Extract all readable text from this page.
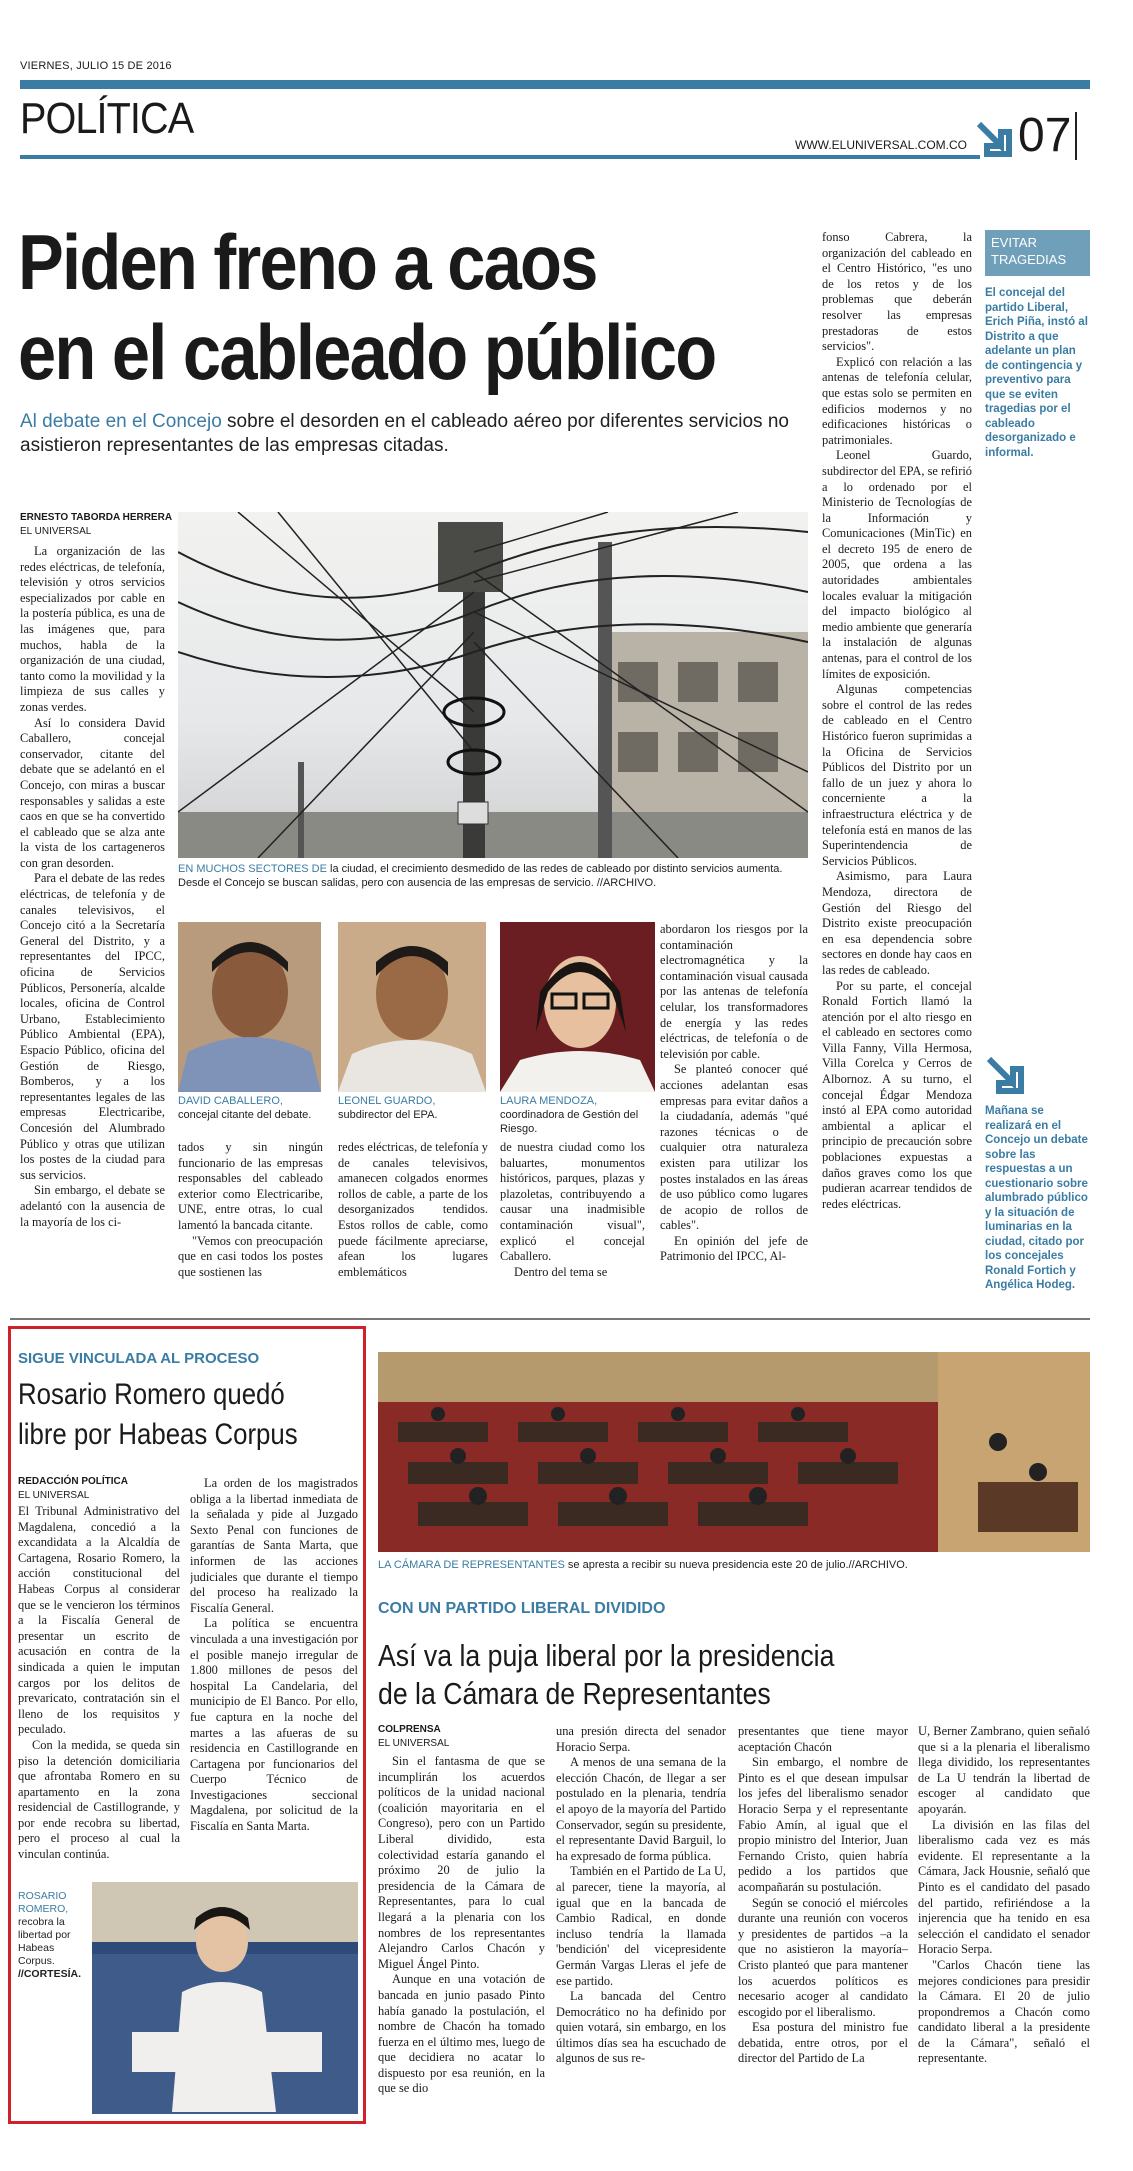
VIERNES, JULIO 15 DE 2016
POLÍTICA
WWW.ELUNIVERSAL.COM.CO 07
Piden freno a caos
en el cableado público
Al debate en el Concejo sobre el desorden en el cableado aéreo por diferentes servicios no asistieron representantes de las empresas citadas.
ERNESTO TABORDA HERRERA
EL UNIVERSAL

La organización de las redes eléctricas, de telefonía, televisión y otros servicios especializados por cable en la postería pública, es una de las imágenes que, para muchos, habla de la organización de una ciudad, tanto como la movilidad y la limpieza de sus calles y zonas verdes.

Así lo considera David Caballero, concejal conservador, citante del debate que se adelantó en el Concejo, con miras a buscar responsables y salidas a este caos en que se ha convertido el cableado que se alza ante la vista de los cartageneros con gran desorden.

Para el debate de las redes eléctricas, de telefonía y de canales televisivos, el Concejo citó a la Secretaría General del Distrito, y a representantes del IPCC, oficina de Servicios Públicos, Personería, alcalde locales, oficina de Control Urbano, Establecimiento Público Ambiental (EPA), Espacio Público, oficina del Gestión de Riesgo, Bomberos, y a los representantes legales de las empresas Electricaribe, Concesión del Alumbrado Público y otras que utilizan los postes de la ciudad para sus servicios.

Sin embargo, el debate se adelantó con la ausencia de la mayoría de los ci-

EN MUCHOS SECTORES DE la ciudad, el crecimiento desmedido de las redes de cableado por distinto servicios aumenta. Desde el Concejo se buscan salidas, pero con ausencia de las empresas de servicio. //ARCHIVO.
DAVID CABALLERO, concejal citante del debate.
LEONEL GUARDO, subdirector del EPA.
LAURA MENDOZA, coordinadora de Gestión del Riesgo.

tados y sin ningún funcionario de las empresas responsables del cableado exterior como Electricaribe, UNE, entre otras, lo cual lamentó la bancada citante.

"Vemos con preocupación que en casi todos los postes que sostienen las

redes eléctricas, de telefonía y de canales televisivos, amanecen colgados enormes rollos de cable, a parte de los desorganizados tendidos. Estos rollos de cable, como puede fácilmente apreciarse, afean los lugares emblemáticos

de nuestra ciudad como los baluartes, monumentos históricos, parques, plazas y plazoletas, contribuyendo a causar una inadmisible contaminación visual", explicó el concejal Caballero.

Dentro del tema se

abordaron los riesgos por la contaminación electromagnética y la contaminación visual causada por las antenas de telefonía celular, los transformadores de energía y las redes eléctricas, de telefonía o de televisión por cable.

Se planteó conocer qué acciones adelantan esas empresas para evitar daños a la ciudadanía, además "qué razones técnicas o de cualquier otra naturaleza existen para utilizar los postes instalados en las áreas de uso público como lugares de acopio de rollos de cables".

En opinión del jefe de Patrimonio del IPCC, Al-

fonso Cabrera, la organización del cableado en el Centro Histórico, "es uno de los retos y de los problemas que deberán resolver las empresas prestadoras de estos servicios".

Explicó con relación a las antenas de telefonía celular, que estas solo se permiten en edificios modernos y no edificaciones históricas o patrimoniales.

Leonel Guardo, subdirector del EPA, se refirió a lo ordenado por el Ministerio de Tecnologías de la Información y Comunicaciones (MinTic) en el decreto 195 de enero de 2005, que ordena a las autoridades ambientales locales evaluar la mitigación del impacto biológico al medio ambiente que generaría la instalación de algunas antenas, para el control de los límites de exposición.

Algunas competencias sobre el control de las redes de cableado en el Centro Histórico fueron suprimidas a la Oficina de Servicios Públicos del Distrito por un fallo de un juez y ahora lo concerniente a la infraestructura eléctrica y de telefonía está en manos de las Superintendencia de Servicios Públicos.

Asimismo, para Laura Mendoza, directora de Gestión del Riesgo del Distrito existe preocupación en esa dependencia sobre sectores en donde hay caos en las redes de cableado.

Por su parte, el concejal Ronald Fortich llamó la atención por el alto riesgo en el cableado en sectores como Villa Fanny, Villa Hermosa, Villa Corelca y Cerros de Albornoz. A su turno, el concejal Édgar Mendoza instó al EPA como autoridad ambiental a aplicar el principio de precaución sobre poblaciones expuestas a daños graves como los que pudieran acarrear tendidos de redes eléctricas.

EVITAR
TRAGEDIAS
El concejal del partido Liberal, Erich Piña, instó al Distrito a que adelante un plan de contingencia y preventivo para que se eviten tragedias por el cableado desorganizado e informal.
Mañana se realizará en el Concejo un debate sobre las respuestas a un cuestionario sobre alumbrado público y la situación de luminarias en la ciudad, citado por los concejales Ronald Fortich y Angélica Hodeg.
SIGUE VINCULADA AL PROCESO
Rosario Romero quedó
libre por Habeas Corpus
REDACCIÓN POLÍTICA
EL UNIVERSAL

El Tribunal Administrativo del Magdalena, concedió a la excandidata a la Alcaldía de Cartagena, Rosario Romero, la acción constitucional del Habeas Corpus al considerar que se le vencieron los términos a la Fiscalía General de presentar un escrito de acusación en contra de la sindicada a quien le imputan cargos por los delitos de prevaricato, contratación sin el lleno de los requisitos y peculado.

Con la medida, se queda sin piso la detención domiciliaria que afrontaba Romero en su apartamento en la zona residencial de Castillogrande, y por ende recobra su libertad, pero el proceso al cual la vinculan continúa.

La orden de los magistrados obliga a la libertad inmediata de la señalada y pide al Juzgado Sexto Penal con funciones de garantías de Santa Marta, que informen de las acciones judiciales que durante el tiempo del proceso ha realizado la Fiscalía General.

La política se encuentra vinculada a una investigación por el posible manejo irregular de 1.800 millones de pesos del hospital La Candelaria, del municipio de El Banco. Por ello, fue captura en la noche del martes a las afueras de su residencia en Castillogrande en Cartagena por funcionarios del Cuerpo Técnico de Investigaciones seccional Magdalena, por solicitud de la Fiscalía en Santa Marta.

ROSARIO
ROMERO,
recobra la
libertad por
Habeas
Corpus.
//CORTESÍA.
LA CÁMARA DE REPRESENTANTES se apresta a recibir su nueva presidencia este 20 de julio.//ARCHIVO.
CON UN PARTIDO LIBERAL DIVIDIDO
Así va la puja liberal por la presidencia
de la Cámara de Representantes
COLPRENSA
EL UNIVERSAL

Sin el fantasma de que se incumplirán los acuerdos políticos de la unidad nacional (coalición mayoritaria en el Congreso), pero con un Partido Liberal dividido, esta colectividad estaría ganando el próximo 20 de julio la presidencia de la Cámara de Representantes, para lo cual llegará a la plenaria con los nombres de los representantes Alejandro Carlos Chacón y Miguel Ángel Pinto.

Aunque en una votación de bancada en junio pasado Pinto había ganado la postulación, el nombre de Chacón ha tomado fuerza en el último mes, luego de que decidiera no acatar lo dispuesto por esa reunión, en la que se dio

una presión directa del senador Horacio Serpa.

A menos de una semana de la elección Chacón, de llegar a ser postulado en la plenaria, tendría el apoyo de la mayoría del Partido Conservador, según su presidente, el representante David Barguil, lo ha expresado de forma pública.

También en el Partido de La U, al parecer, tiene la mayoría, al igual que en la bancada de Cambio Radical, en donde incluso tendría la llamada 'bendición' del vicepresidente Germán Vargas Lleras el jefe de ese partido.

La bancada del Centro Democrático no ha definido por quien votará, sin embargo, en los últimos días sea ha escuchado de algunos de sus re-

presentantes que tiene mayor aceptación Chacón

Sin embargo, el nombre de Pinto es el que desean impulsar los jefes del liberalismo senador Horacio Serpa y el representante Fabio Amín, al igual que el propio ministro del Interior, Juan Fernando Cristo, quien habría pedido a los partidos que acompañarán su postulación.

Según se conoció el miércoles durante una reunión con voceros y presidentes de partidos –a la que no asistieron la mayoría– Cristo planteó que para mantener los acuerdos políticos es necesario acoger al candidato escogido por el liberalismo.

Esa postura del ministro fue debatida, entre otros, por el director del Partido de La

U, Berner Zambrano, quien señaló que si a la plenaria el liberalismo llega dividido, los representantes de La U tendrán la libertad de escoger al candidato que apoyarán.

La división en las filas del liberalismo cada vez es más evidente. El representante a la Cámara, Jack Housnie, señaló que Pinto es el candidato del pasado del partido, refiriéndose a la injerencia que ha tenido en esa selección el candidato el senador Horacio Serpa.

"Carlos Chacón tiene las mejores condiciones para presidir la Cámara. El 20 de julio propondremos a Chacón como candidato liberal a la presidente de la Cámara", señaló el representante.
